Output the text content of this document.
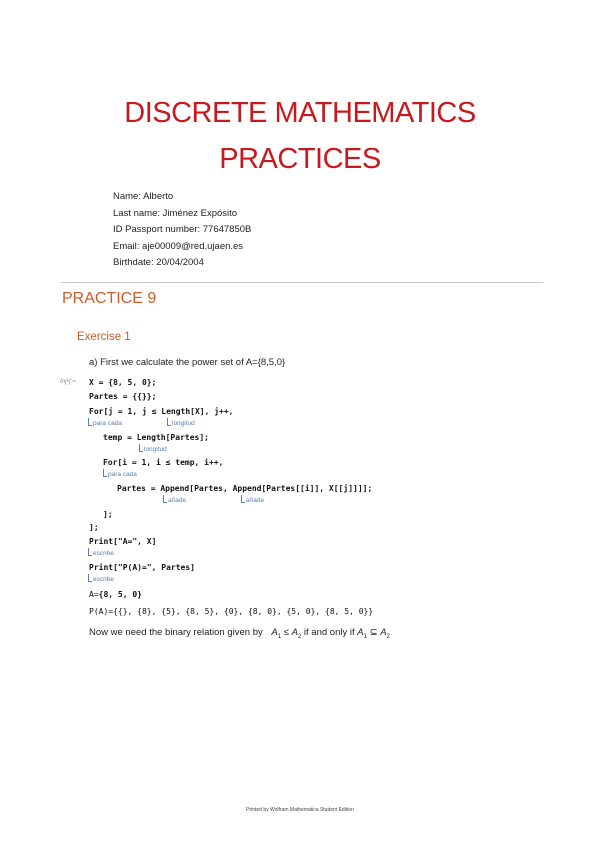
DISCRETE MATHEMATICS
PRACTICES
Name: Alberto
Last name: Jiménez Expósito
ID Passport number: 77647850B
Email: aje00009@red.ujaen.es
Birthdate: 20/04/2004
PRACTICE 9
Exercise 1
a) First we calculate the power set of A={8,5,0}
In[•]:= X = {8, 5, 0};
Partes = {{}};
For[j = 1, j ≤ Length[X], j++,
para cada	longitud
temp = Length[Partes];
longitud
For[i = 1, i ≤ temp, i++,
para cada
Partes = Append[Partes, Append[Partes[[i]], X[[j]]]];
añade	añade
];
];
Print["A=", X]
escribe
Print["P(A)=", Partes]
escribe
A={8, 5, 0}
P(A)={{}, {8}, {5}, {8, 5}, {0}, {8, 0}, {5, 0}, {8, 5, 0}}
Now we need the binary relation given by $A_1 \le A_2$ if and only if $A_1$ ⊆ $A_2$
Printed by Wolfram Mathematica Student Edition
